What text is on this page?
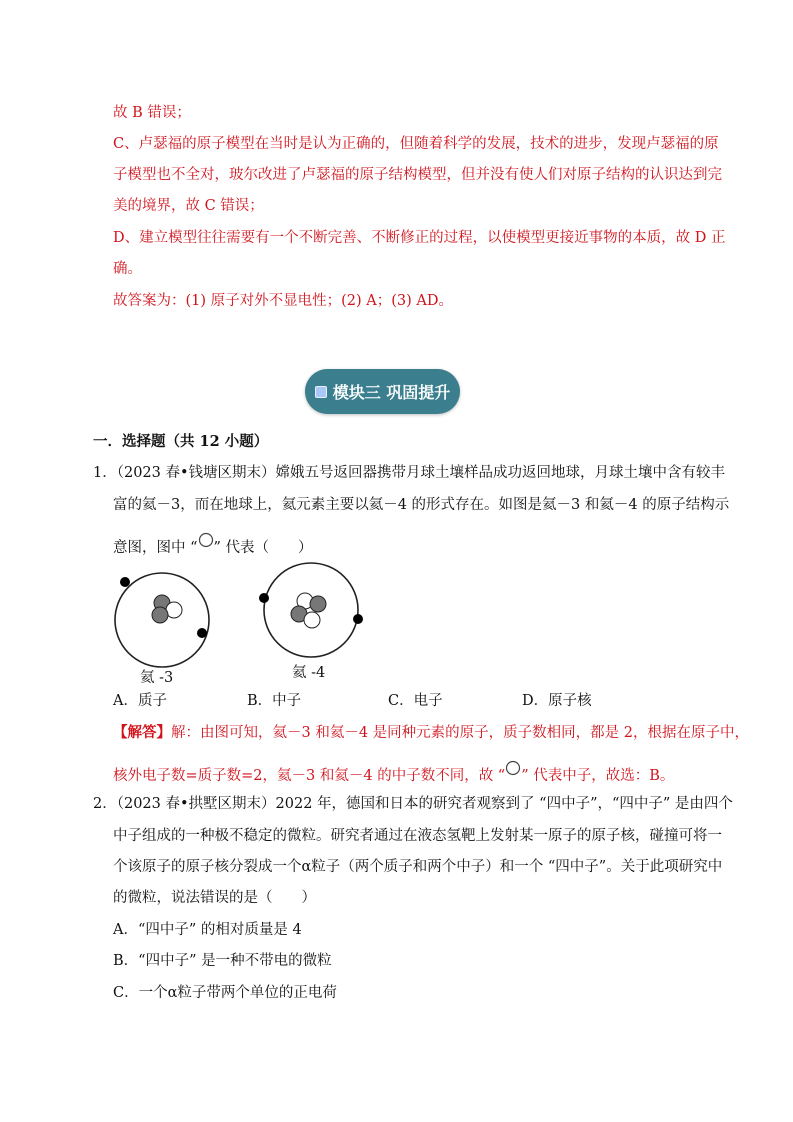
故 B 错误；
C、卢瑟福的原子模型在当时是认为正确的，但随着科学的发展，技术的进步，发现卢瑟福的原
子模型也不全对，玻尔改进了卢瑟福的原子结构模型，但并没有使人们对原子结构的认识达到完
美的境界，故 C 错误；
D、建立模型往往需要有一个不断完善、不断修正的过程，以使模型更接近事物的本质，故 D 正
确。
故答案为：(1) 原子对外不显电性；(2) A；(3) AD。
模块三 巩固提升
一．选择题（共 12 小题）
1．（2023 春•钱塘区期末）嫦娥五号返回器携带月球土壤样品成功返回地球，月球土壤中含有较丰
富的氦－3，而在地球上，氦元素主要以氦－4 的形式存在。如图是氦－3 和氦－4 的原子结构示
意图，图中 “ ” 代表（　　）
氦 -3	氦 -4
A．质子	B．中子	C．电子	D．原子核
【解答】解：由图可知，氦－3 和氦－4 是同种元素的原子，质子数相同，都是 2，根据在原子中，
核外电子数=质子数=2，氦－3 和氦－4 的中子数不同，故 “ ” 代表中子，故选：B。
2．（2023 春•拱墅区期末）2022 年，德国和日本的研究者观察到了 “四中子”，“四中子” 是由四个
中子组成的一种极不稳定的微粒。研究者通过在液态氢靶上发射某一原子的原子核，碰撞可将一
个该原子的原子核分裂成一个α粒子（两个质子和两个中子）和一个 “四中子”。关于此项研究中
的微粒，说法错误的是（　　）
A．“四中子” 的相对质量是 4
B．“四中子” 是一种不带电的微粒
C．一个α粒子带两个单位的正电荷
